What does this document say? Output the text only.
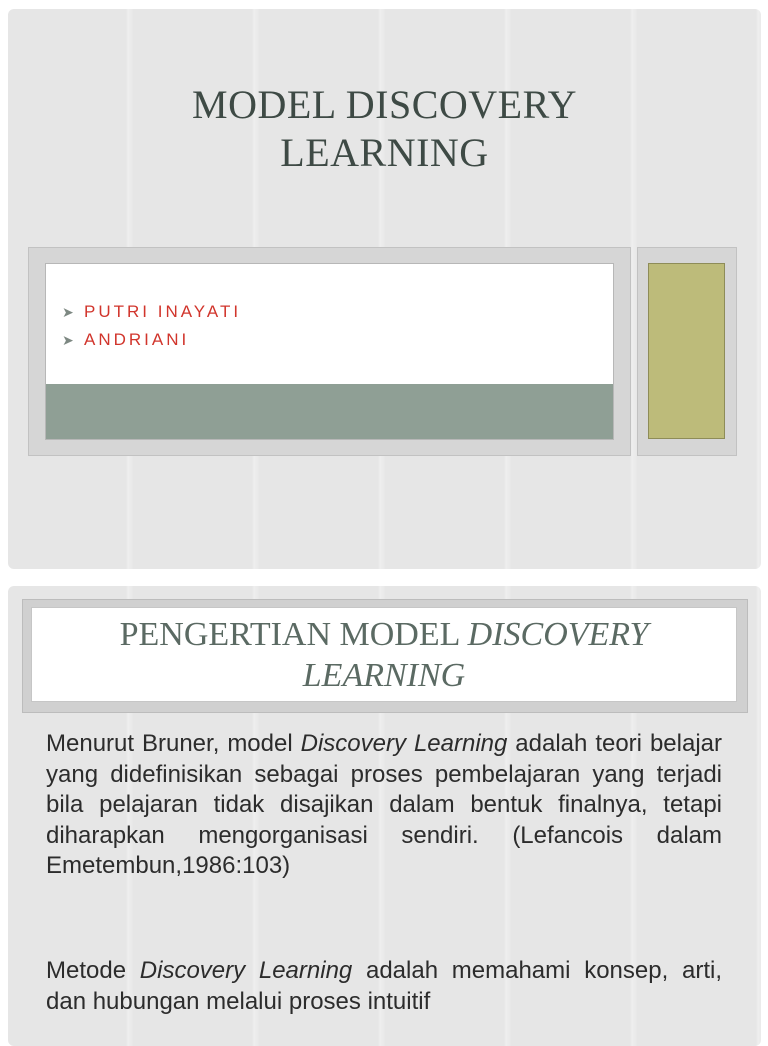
MODEL DISCOVERY
LEARNING
➤ PUTRI INAYATI
➤ ANDRIANI
PENGERTIAN MODEL DISCOVERY
LEARNING
Menurut Bruner, model Discovery Learning adalah teori belajar yang didefinisikan sebagai proses pembelajaran yang terjadi bila pelajaran tidak disajikan dalam bentuk finalnya, tetapi diharapkan mengorganisasi sendiri. (Lefancois dalam Emetembun,1986:103)
Metode Discovery Learning adalah memahami konsep, arti, dan hubungan melalui proses intuitif
